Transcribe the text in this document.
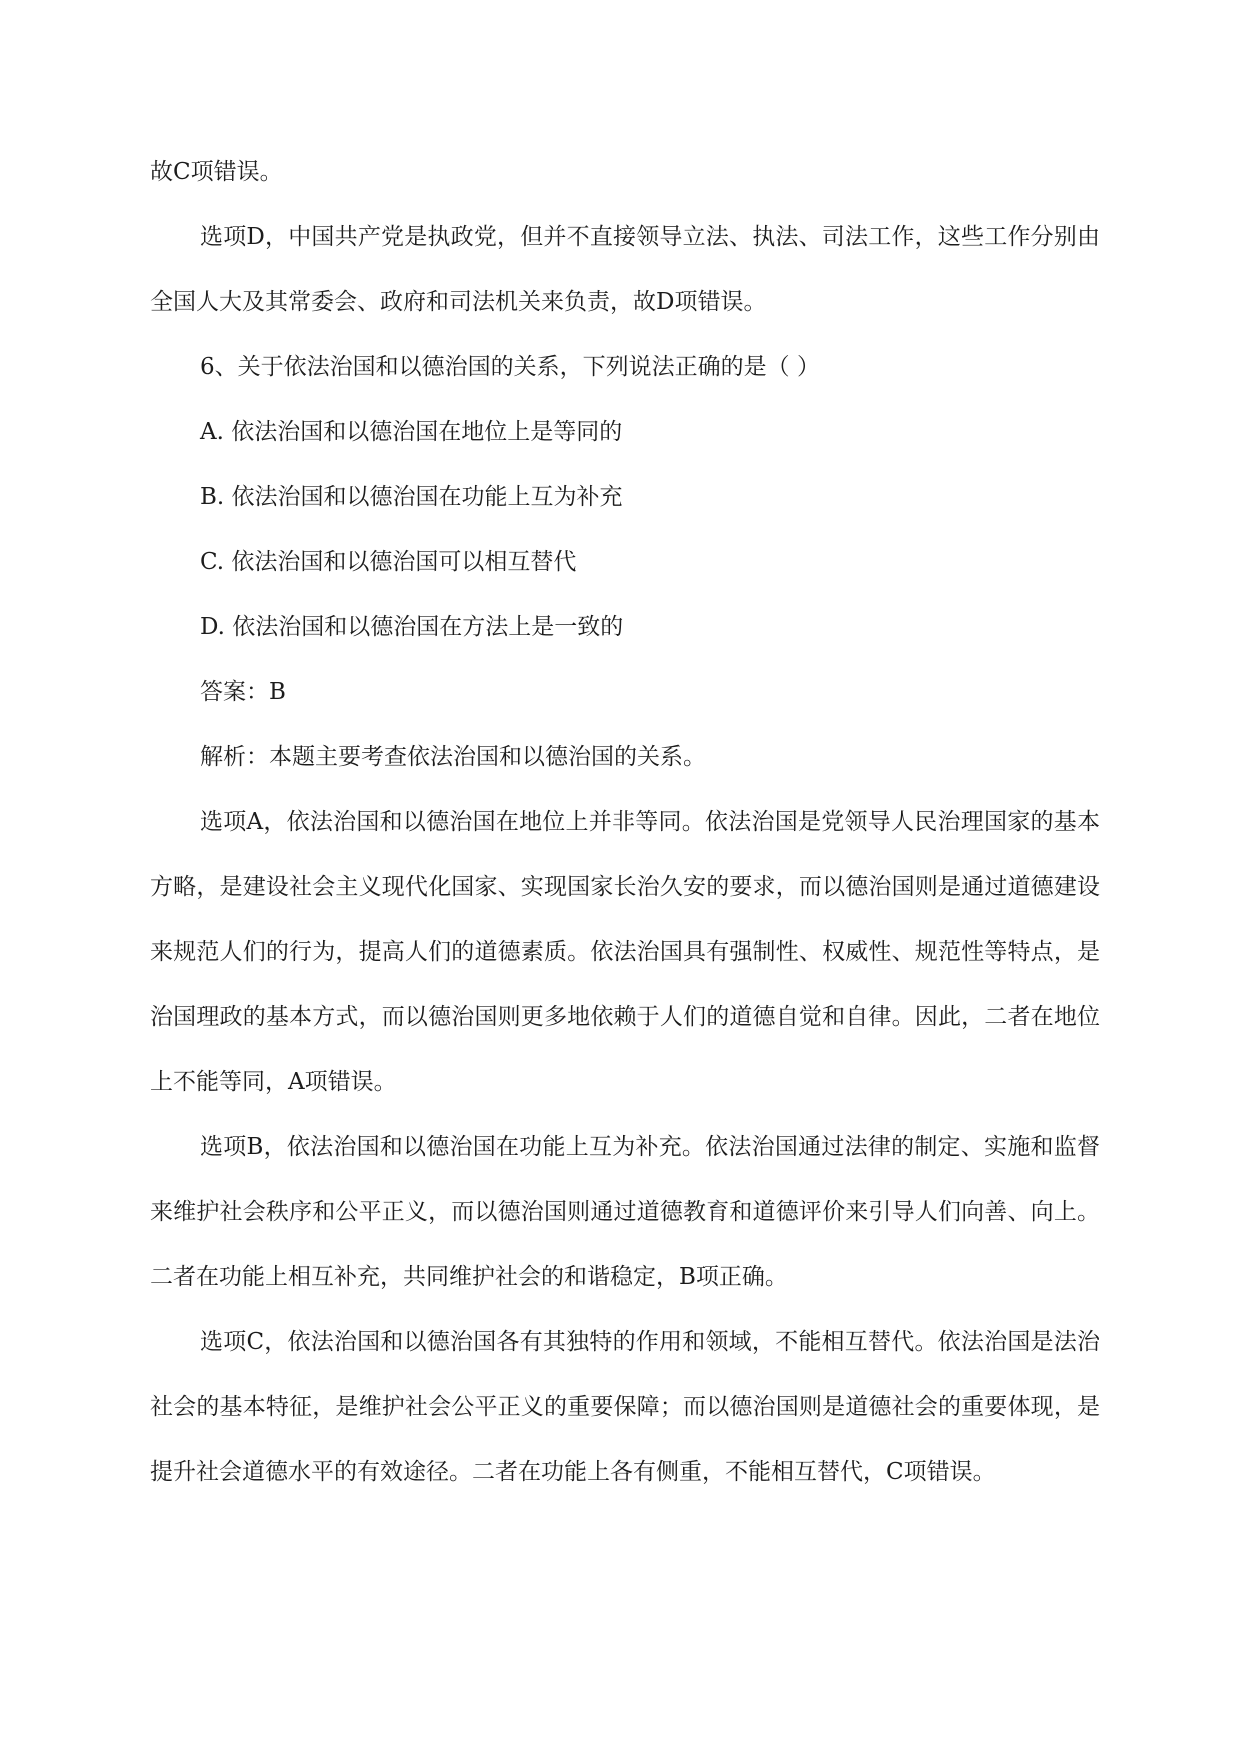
故C项错误。

选项D，中国共产党是执政党，但并不直接领导立法、执法、司法工作，这些工作分别由全国人大及其常委会、政府和司法机关来负责，故D项错误。

6、关于依法治国和以德治国的关系，下列说法正确的是（ ）

A. 依法治国和以德治国在地位上是等同的

B. 依法治国和以德治国在功能上互为补充

C. 依法治国和以德治国可以相互替代

D. 依法治国和以德治国在方法上是一致的

答案：B

解析：本题主要考查依法治国和以德治国的关系。

选项A，依法治国和以德治国在地位上并非等同。依法治国是党领导人民治理国家的基本方略，是建设社会主义现代化国家、实现国家长治久安的要求，而以德治国则是通过道德建设来规范人们的行为，提高人们的道德素质。依法治国具有强制性、权威性、规范性等特点，是治国理政的基本方式，而以德治国则更多地依赖于人们的道德自觉和自律。因此，二者在地位上不能等同，A项错误。

选项B，依法治国和以德治国在功能上互为补充。依法治国通过法律的制定、实施和监督来维护社会秩序和公平正义，而以德治国则通过道德教育和道德评价来引导人们向善、向上。二者在功能上相互补充，共同维护社会的和谐稳定，B项正确。

选项C，依法治国和以德治国各有其独特的作用和领域，不能相互替代。依法治国是法治社会的基本特征，是维护社会公平正义的重要保障；而以德治国则是道德社会的重要体现，是提升社会道德水平的有效途径。二者在功能上各有侧重，不能相互替代，C项错误。
